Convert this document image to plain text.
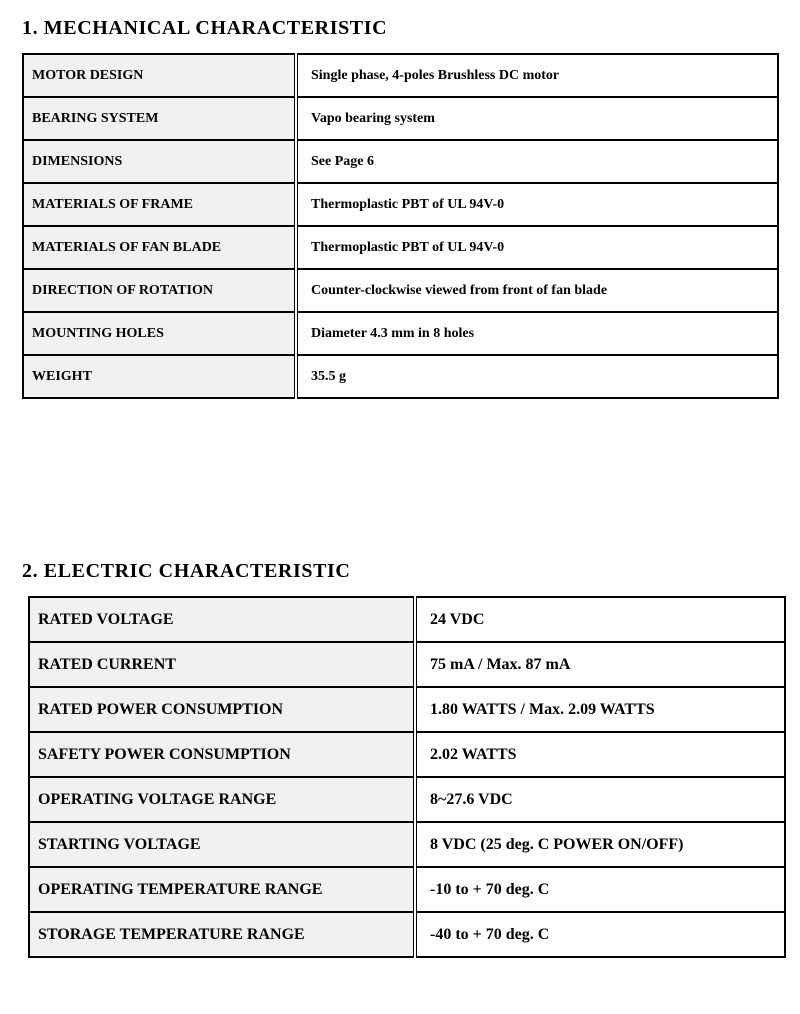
1. MECHANICAL CHARACTERISTIC
MOTOR DESIGN	Single phase, 4-poles Brushless DC motor
BEARING SYSTEM	Vapo bearing system
DIMENSIONS	See Page 6
MATERIALS OF FRAME	Thermoplastic PBT of UL 94V-0
MATERIALS OF FAN BLADE	Thermoplastic PBT of UL 94V-0
DIRECTION OF ROTATION	Counter-clockwise viewed from front of fan blade
MOUNTING HOLES	Diameter 4.3 mm in 8 holes
WEIGHT	35.5 g
2. ELECTRIC CHARACTERISTIC
RATED VOLTAGE	24 VDC
RATED CURRENT	75 mA / Max. 87 mA
RATED POWER CONSUMPTION	1.80 WATTS / Max. 2.09 WATTS
SAFETY POWER CONSUMPTION	2.02 WATTS
OPERATING VOLTAGE RANGE	8~27.6 VDC
STARTING VOLTAGE	8 VDC (25 deg. C POWER ON/OFF)
OPERATING TEMPERATURE RANGE	-10 to + 70 deg. C
STORAGE TEMPERATURE RANGE	-40 to + 70 deg. C
